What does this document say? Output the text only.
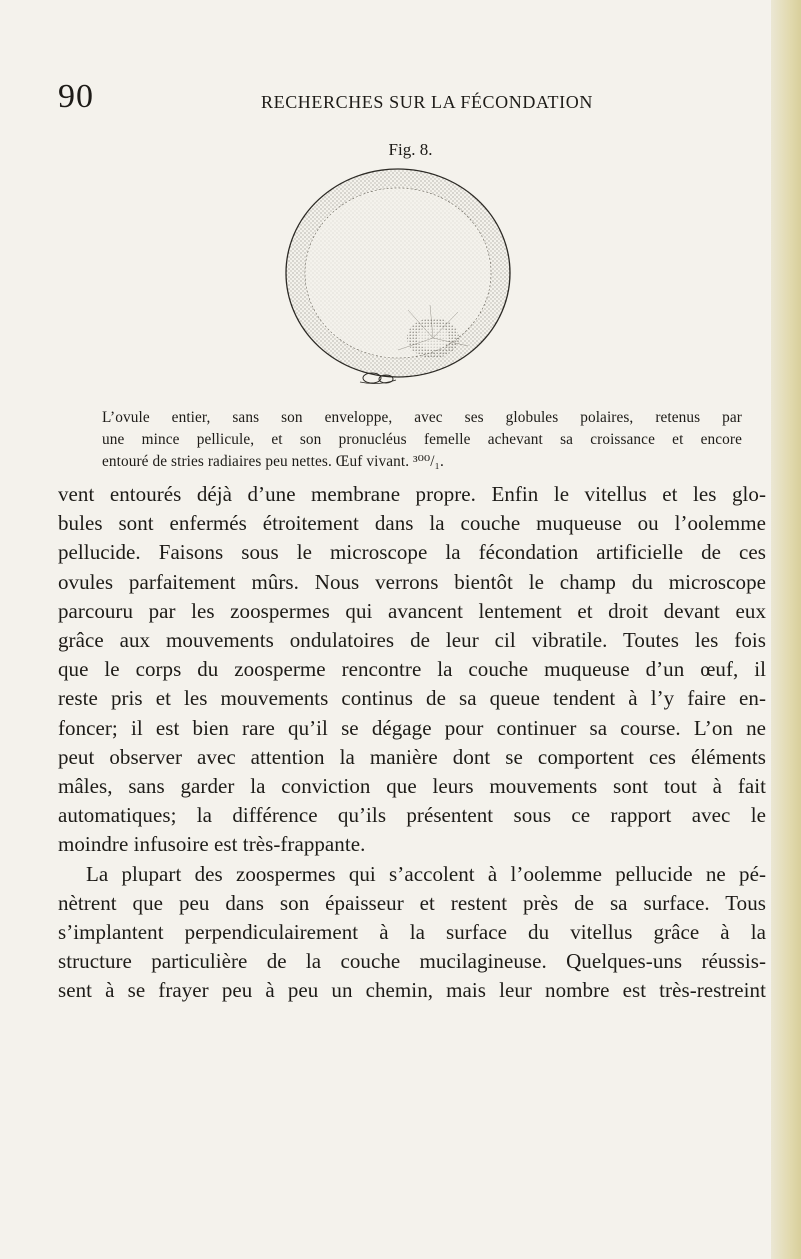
90	RECHERCHES SUR LA FÉCONDATION
Fig. 8.
L’ovule entier, sans son enveloppe, avec ses globules polaires, retenus par
une mince pellicule, et son pronucléus femelle achevant sa croissance et encore
entouré de stries radiaires peu nettes. Œuf vivant. ³⁰⁰/₁.

vent entourés déjà d’une membrane propre. Enfin le vitellus et les glo-
bules sont enfermés étroitement dans la couche muqueuse ou l’oolemme
pellucide. Faisons sous le microscope la fécondation artificielle de ces
ovules parfaitement mûrs. Nous verrons bientôt le champ du microscope
parcouru par les zoospermes qui avancent lentement et droit devant eux
grâce aux mouvements ondulatoires de leur cil vibratile. Toutes les fois
que le corps du zoosperme rencontre la couche muqueuse d’un œuf, il
reste pris et les mouvements continus de sa queue tendent à l’y faire en-
foncer; il est bien rare qu’il se dégage pour continuer sa course. L’on ne
peut observer avec attention la manière dont se comportent ces éléments
mâles, sans garder la conviction que leurs mouvements sont tout à fait
automatiques; la différence qu’ils présentent sous ce rapport avec le
moindre infusoire est très-frappante.

La plupart des zoospermes qui s’accolent à l’oolemme pellucide ne pé-
nètrent que peu dans son épaisseur et restent près de sa surface. Tous
s’implantent perpendiculairement à la surface du vitellus grâce à la
structure particulière de la couche mucilagineuse. Quelques-uns réussis-
sent à se frayer peu à peu un chemin, mais leur nombre est très-restreint
